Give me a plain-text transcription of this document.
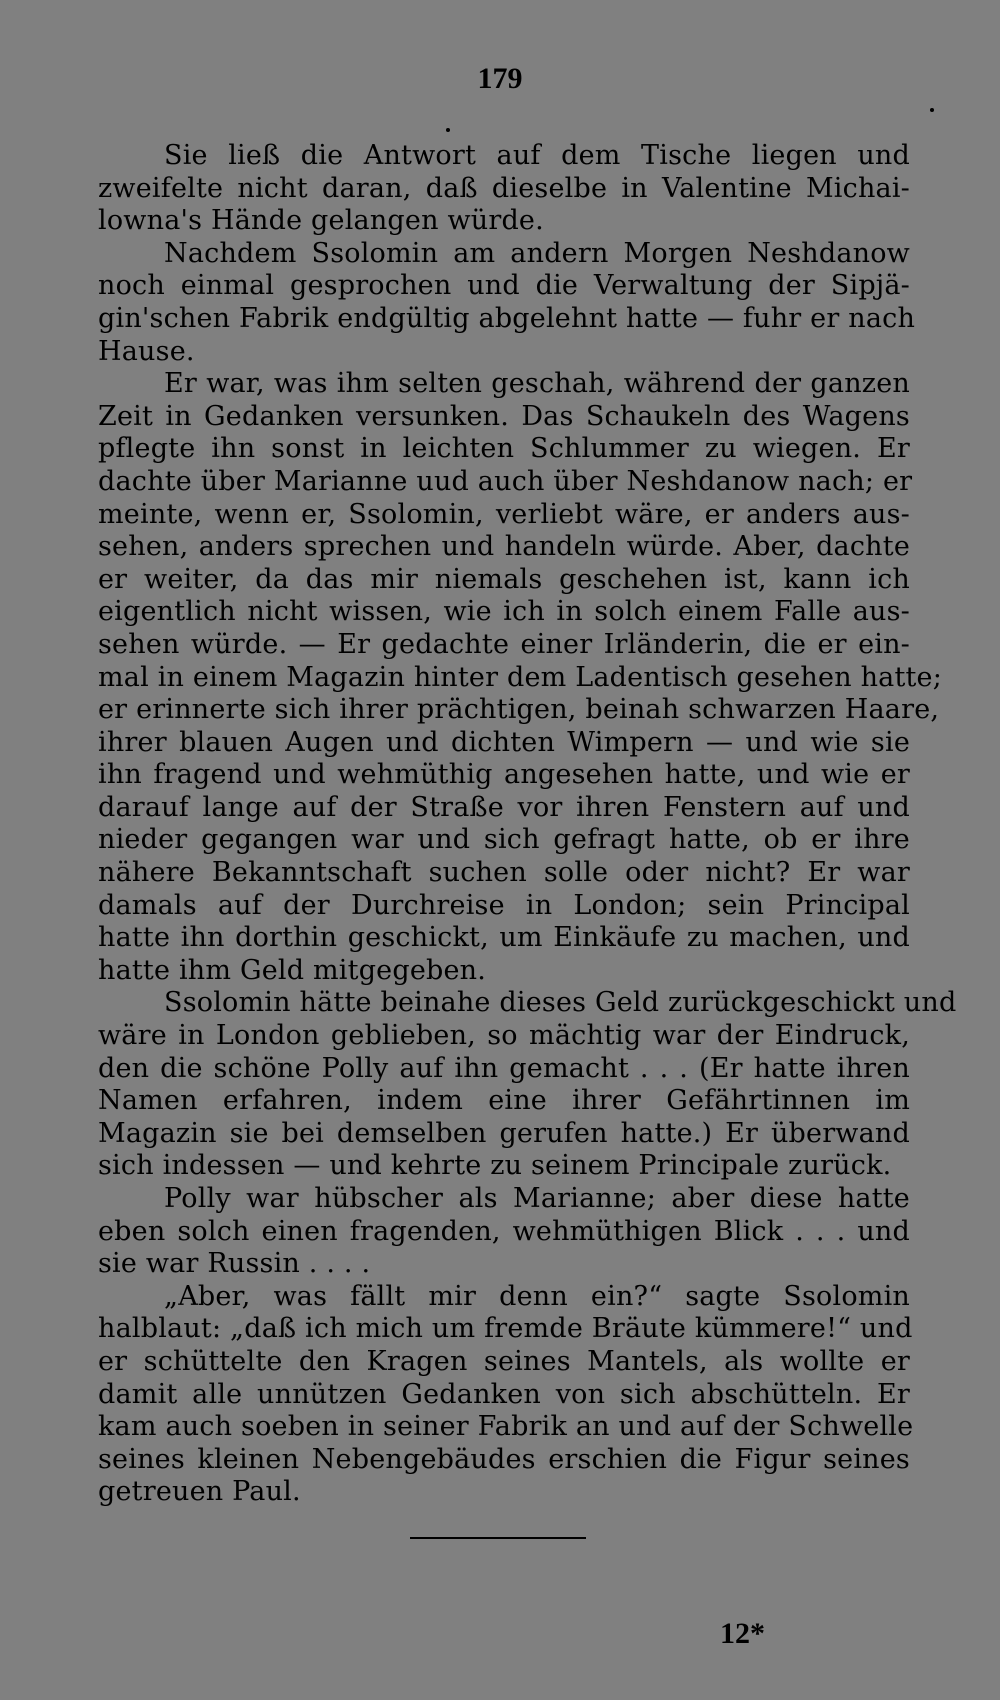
179
Sie ließ die Antwort auf dem Tische liegen und
zweifelte nicht daran, daß dieselbe in Valentine Michai-
lowna's Hände gelangen würde.
Nachdem Ssolomin am andern Morgen Neshdanow
noch einmal gesprochen und die Verwaltung der Sipjä-
gin'schen Fabrik endgültig abgelehnt hatte — fuhr er nach
Hause.
Er war, was ihm selten geschah, während der ganzen
Zeit in Gedanken versunken. Das Schaukeln des Wagens
pflegte ihn sonst in leichten Schlummer zu wiegen. Er
dachte über Marianne uud auch über Neshdanow nach; er
meinte, wenn er, Ssolomin, verliebt wäre, er anders aus-
sehen, anders sprechen und handeln würde. Aber, dachte
er weiter, da das mir niemals geschehen ist, kann ich
eigentlich nicht wissen, wie ich in solch einem Falle aus-
sehen würde. — Er gedachte einer Irländerin, die er ein-
mal in einem Magazin hinter dem Ladentisch gesehen hatte;
er erinnerte sich ihrer prächtigen, beinah schwarzen Haare,
ihrer blauen Augen und dichten Wimpern — und wie sie
ihn fragend und wehmüthig angesehen hatte, und wie er
darauf lange auf der Straße vor ihren Fenstern auf und
nieder gegangen war und sich gefragt hatte, ob er ihre
nähere Bekanntschaft suchen solle oder nicht? Er war
damals auf der Durchreise in London; sein Principal
hatte ihn dorthin geschickt, um Einkäufe zu machen, und
hatte ihm Geld mitgegeben.
Ssolomin hätte beinahe dieses Geld zurückgeschickt und
wäre in London geblieben, so mächtig war der Eindruck,
den die schöne Polly auf ihn gemacht . . . (Er hatte ihren
Namen erfahren, indem eine ihrer Gefährtinnen im
Magazin sie bei demselben gerufen hatte.) Er überwand
sich indessen — und kehrte zu seinem Principale zurück.
Polly war hübscher als Marianne; aber diese hatte
eben solch einen fragenden, wehmüthigen Blick . . . und
sie war Russin . . . .
„Aber, was fällt mir denn ein?“ sagte Ssolomin
halblaut: „daß ich mich um fremde Bräute kümmere!“ und
er schüttelte den Kragen seines Mantels, als wollte er
damit alle unnützen Gedanken von sich abschütteln. Er
kam auch soeben in seiner Fabrik an und auf der Schwelle
seines kleinen Nebengebäudes erschien die Figur seines
getreuen Paul.
12*
